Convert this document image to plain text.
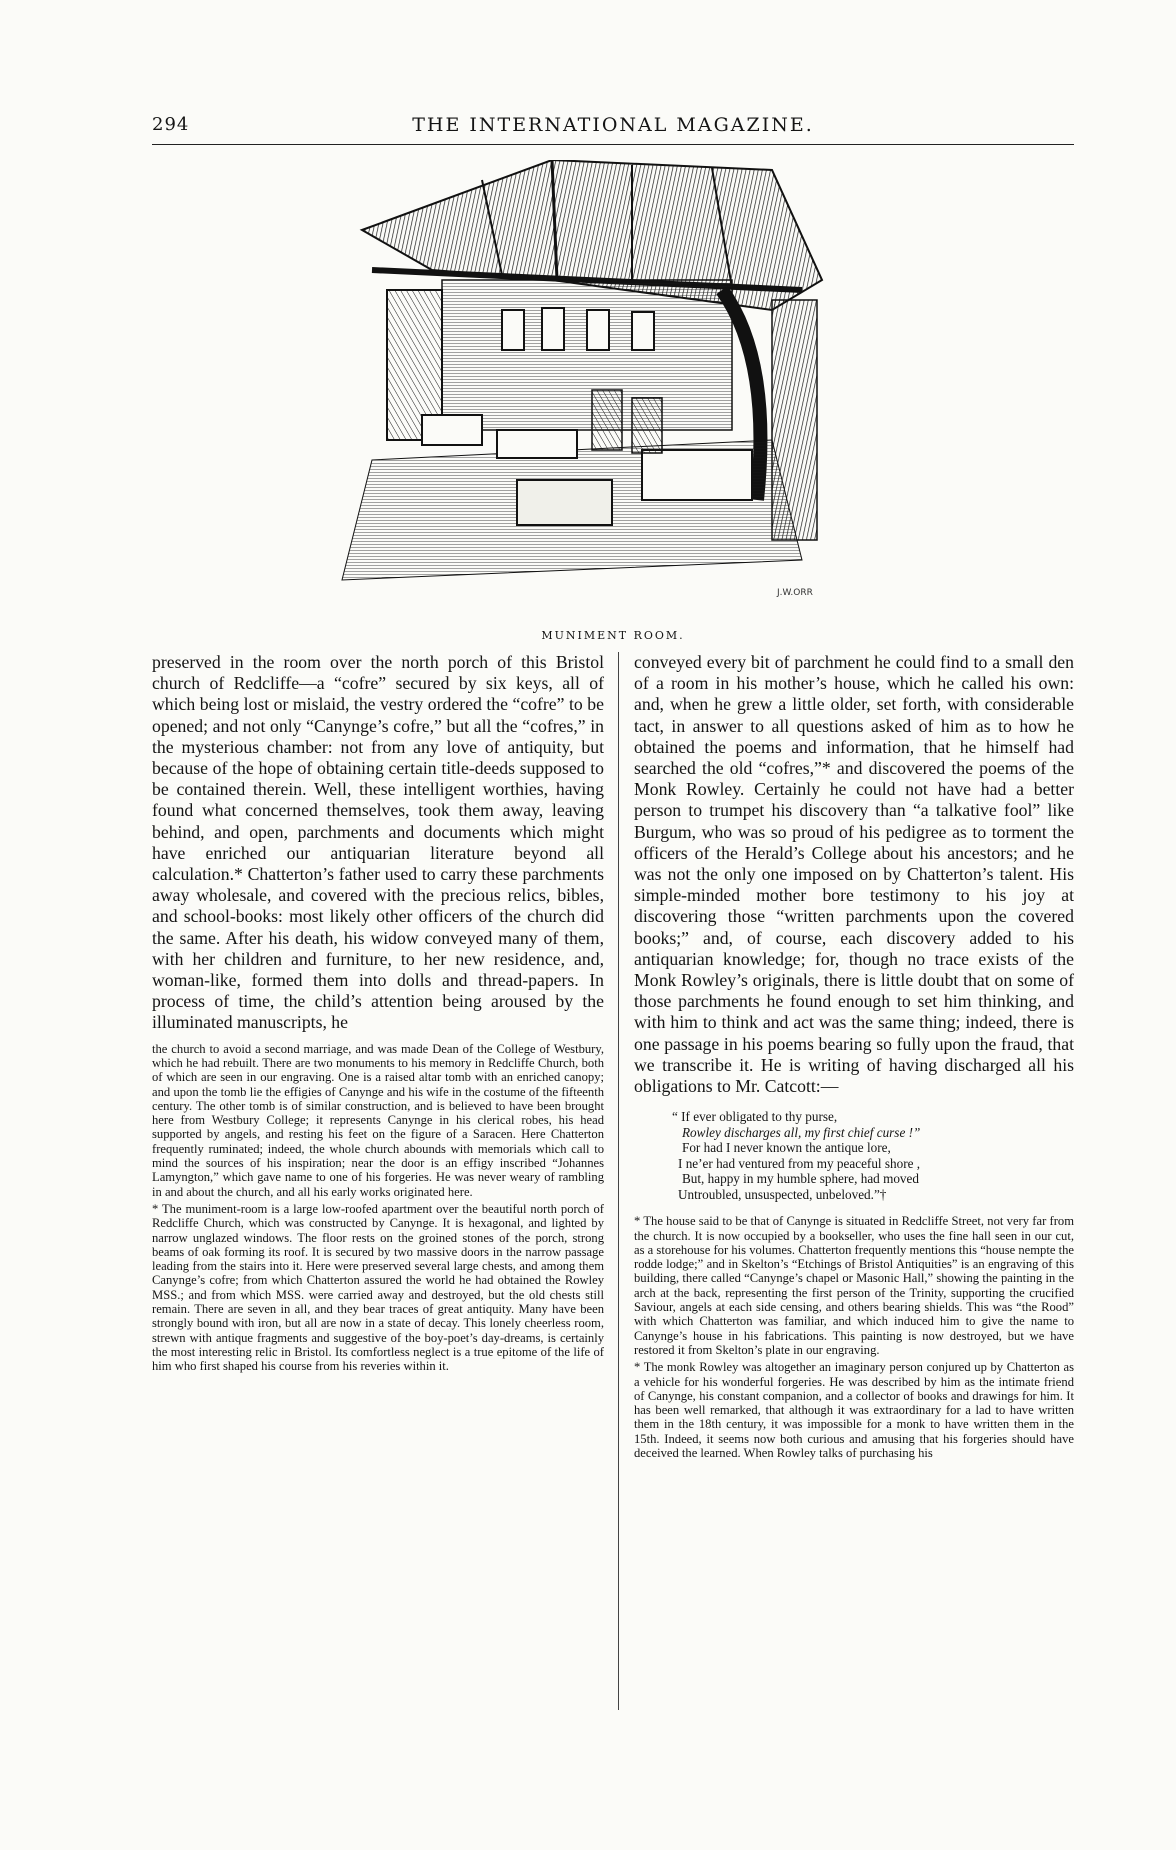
294	THE INTERNATIONAL MAGAZINE.
J.W.ORR
MUNIMENT ROOM.

preserved in the room over the north porch of this Bristol church of Redcliffe—a “cofre” secured by six keys, all of which being lost or mislaid, the vestry ordered the “cofre” to be opened; and not only “Canynge’s cofre,” but all the “cofres,” in the mysterious chamber: not from any love of antiquity, but because of the hope of obtaining certain title-deeds supposed to be contained therein. Well, these intelligent worthies, having found what concerned themselves, took them away, leaving behind, and open, parchments and documents which might have enriched our antiquarian literature beyond all calculation.* Chatterton’s father used to carry these parchments away wholesale, and covered with the precious relics, bibles, and school-books: most likely other officers of the church did the same. After his death, his widow conveyed many of them, with her children and furniture, to her new residence, and, woman-like, formed them into dolls and thread-papers. In process of time, the child’s attention being aroused by the illuminated manuscripts, he

the church to avoid a second marriage, and was made Dean of the College of Westbury, which he had rebuilt. There are two monuments to his memory in Redcliffe Church, both of which are seen in our engraving. One is a raised altar tomb with an enriched canopy; and upon the tomb lie the effigies of Canynge and his wife in the costume of the fifteenth century. The other tomb is of similar construction, and is believed to have been brought here from Westbury College; it represents Canynge in his clerical robes, his head supported by angels, and resting his feet on the figure of a Saracen. Here Chatterton frequently ruminated; indeed, the whole church abounds with memorials which call to mind the sources of his inspiration; near the door is an effigy inscribed “Johannes Lamyngton,” which gave name to one of his forgeries. He was never weary of rambling in and about the church, and all his early works originated here.

* The muniment-room is a large low-roofed apartment over the beautiful north porch of Redcliffe Church, which was constructed by Canynge. It is hexagonal, and lighted by narrow unglazed windows. The floor rests on the groined stones of the porch, strong beams of oak forming its roof. It is secured by two massive doors in the narrow passage leading from the stairs into it. Here were preserved several large chests, and among them Canynge’s cofre; from which Chatterton assured the world he had obtained the Rowley MSS.; and from which MSS. were carried away and destroyed, but the old chests still remain. There are seven in all, and they bear traces of great antiquity. Many have been strongly bound with iron, but all are now in a state of decay. This lonely cheerless room, strewn with antique fragments and suggestive of the boy-poet’s day-dreams, is certainly the most interesting relic in Bristol. Its comfortless neglect is a true epitome of the life of him who first shaped his course from his reveries within it.

conveyed every bit of parchment he could find to a small den of a room in his mother’s house, which he called his own: and, when he grew a little older, set forth, with considerable tact, in answer to all questions asked of him as to how he obtained the poems and information, that he himself had searched the old “cofres,”* and discovered the poems of the Monk Rowley. Certainly he could not have had a better person to trumpet his discovery than “a talkative fool” like Burgum, who was so proud of his pedigree as to torment the officers of the Herald’s College about his ancestors; and he was not the only one imposed on by Chatterton’s talent. His simple-minded mother bore testimony to his joy at discovering those “written parchments upon the covered books;” and, of course, each discovery added to his antiquarian knowledge; for, though no trace exists of the Monk Rowley’s originals, there is little doubt that on some of those parchments he found enough to set him thinking, and with him to think and act was the same thing; indeed, there is one passage in his poems bearing so fully upon the fraud, that we transcribe it. He is writing of having discharged all his obligations to Mr. Catcott:—

“ If ever obligated to thy purse,
Rowley discharges all, my first chief curse !”
For had I never known the antique lore,
I ne’er had ventured from my peaceful shore ,
But, happy in my humble sphere, had moved
Untroubled, unsuspected, unbeloved.”†

* The house said to be that of Canynge is situated in Redcliffe Street, not very far from the church. It is now occupied by a bookseller, who uses the fine hall seen in our cut, as a storehouse for his volumes. Chatterton frequently mentions this “house nempte the rodde lodge;” and in Skelton’s “Etchings of Bristol Antiquities” is an engraving of this building, there called “Canynge’s chapel or Masonic Hall,” showing the painting in the arch at the back, representing the first person of the Trinity, supporting the crucified Saviour, angels at each side censing, and others bearing shields. This was “the Rood” with which Chatterton was familiar, and which induced him to give the name to Canynge’s house in his fabrications. This painting is now destroyed, but we have restored it from Skelton’s plate in our engraving.

* The monk Rowley was altogether an imaginary person conjured up by Chatterton as a vehicle for his wonderful forgeries. He was described by him as the intimate friend of Canynge, his constant companion, and a collector of books and drawings for him. It has been well remarked, that although it was extraordinary for a lad to have written them in the 18th century, it was impossible for a monk to have written them in the 15th. Indeed, it seems now both curious and amusing that his forgeries should have deceived the learned. When Rowley talks of purchasing his
